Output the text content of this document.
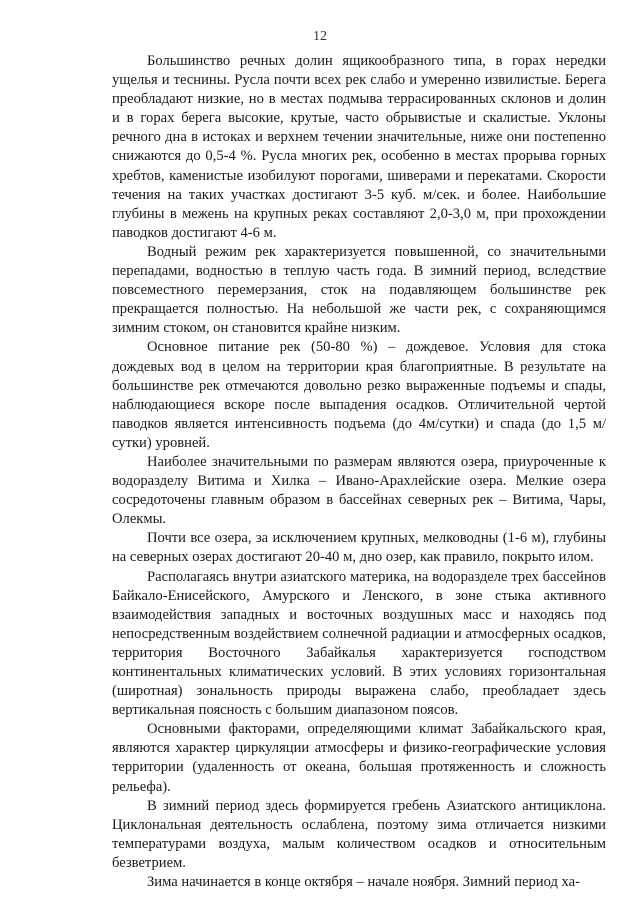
12

Большинство речных долин ящикообразного типа, в горах нередки ущелья и теснины. Русла почти всех рек слабо и умеренно извилистые. Берега преобладают низкие, но в местах подмыва террасированных склонов и долин и в горах берега высокие, крутые, часто обрывистые и скалистые. Уклоны речного дна в истоках и верхнем течении значительные, ниже они постепенно снижаются до 0,5-4 %. Русла многих рек, особенно в местах прорыва горных хребтов, каменистые изобилуют порогами, шиверами и перекатами. Скорости течения на таких участках достигают 3-5 куб. м/сек. и более. Наибольшие глубины в межень на крупных реках составляют 2,0-3,0 м, при прохождении паводков достигают 4-6 м.

Водный режим рек характеризуется повышенной, со значительными перепадами, водностью в теплую часть года. В зимний период, вследствие повсеместного перемерзания, сток на подавляющем большинстве рек прекращается полностью. На небольшой же части рек, с сохраняющимся зимним стоком, он становится крайне низким.

Основное питание рек (50-80 %) – дождевое. Условия для стока дождевых вод в целом на территории края благоприятные. В результате на большинстве рек отмечаются довольно резко выраженные подъемы и спады, наблюдающиеся вскоре после выпадения осадков. Отличительной чертой паводков является интенсивность подъема (до 4м/сутки) и спада (до 1,5 м/сутки) уровней.

Наиболее значительными по размерам являются озера, приуроченные к водоразделу Витима и Хилка – Ивано-Арахлейские озера. Мелкие озера сосредоточены главным образом в бассейнах северных рек – Витима, Чары, Олекмы.

Почти все озера, за исключением крупных, мелководны (1-6 м), глубины на северных озерах достигают 20-40 м, дно озер, как правило, покрыто илом.

Располагаясь внутри азиатского материка, на водоразделе трех бассейнов Байкало-Енисейского, Амурского и Ленского, в зоне стыка активного взаимодействия западных и восточных воздушных масс и находясь под непосредственным воздействием солнечной радиации и атмосферных осадков, территория Восточного Забайкалья характеризуется господством континентальных климатических условий. В этих условиях горизонтальная (широтная) зональность природы выражена слабо, преобладает здесь вертикальная поясность с большим диапазоном поясов.

Основными факторами, определяющими климат Забайкальского края, являются характер циркуляции атмосферы и физико-географические условия территории (удаленность от океана, большая протяженность и сложность рельефа).

В зимний период здесь формируется гребень Азиатского антициклона. Циклональная деятельность ослаблена, поэтому зима отличается низкими температурами воздуха, малым количеством осадков и относительным безветрием.

Зима начинается в конце октября – начале ноября. Зимний период ха-
